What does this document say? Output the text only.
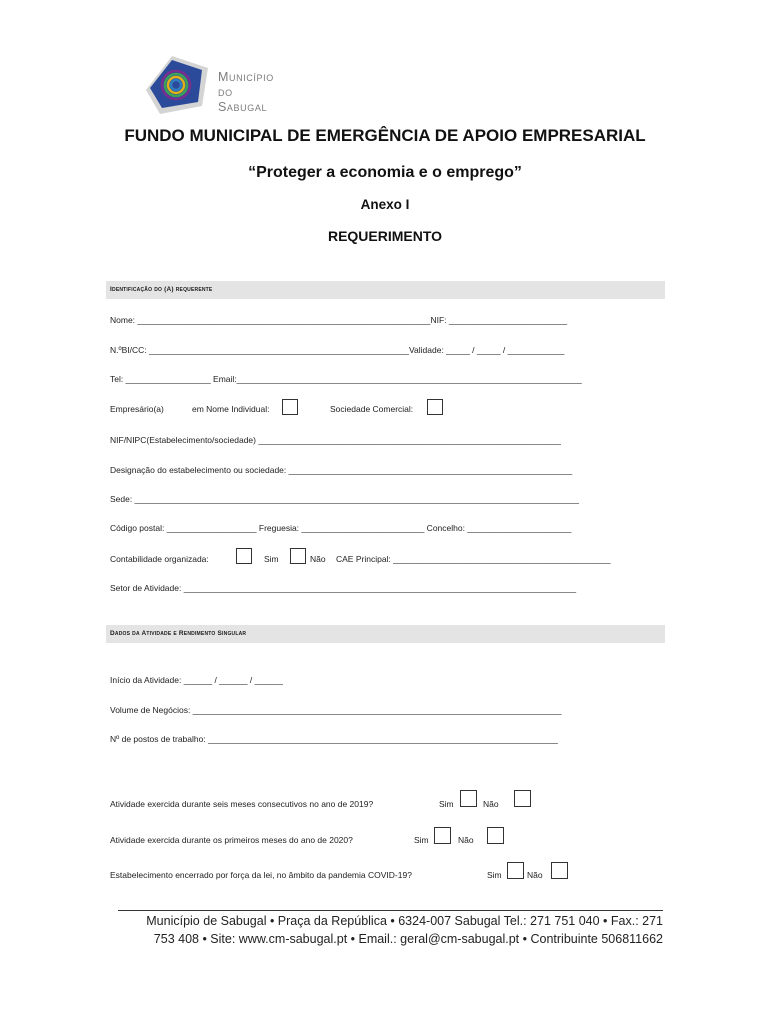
Município
do
Sabugal
FUNDO MUNICIPAL DE EMERGÊNCIA DE APOIO EMPRESARIAL
“Proteger a economia e o emprego”
Anexo I
REQUERIMENTO
Identificação do (A) requerente
Nome: ______________________________________________________________NIF: _________________________
N.ºBI/CC: _______________________________________________________Validade: _____ / _____ / ____________
Tel: __________________ Email:_________________________________________________________________________
Empresário(a)	em Nome Individual:	Sociedade Comercial:
NIF/NIPC(Estabelecimento/sociedade) ________________________________________________________________
Designação do estabelecimento ou sociedade: ____________________________________________________________
Sede: ______________________________________________________________________________________________
Código postal: ___________________ Freguesia: __________________________ Concelho: ______________________
Contabilidade organizada:	Sim	Não CAE Principal: ______________________________________________
Setor de Atividade: ___________________________________________________________________________________
Dados da Atividade e Rendimento Singular
Início da Atividade: ______ / ______ / ______
Volume de Negócios: ______________________________________________________________________________
Nº de postos de trabalho: __________________________________________________________________________
Atividade exercida durante seis meses consecutivos no ano de 2019?	Sim	Não
Atividade exercida durante os primeiros meses do ano de 2020?	Sim	Não
Estabelecimento encerrado por força da lei, no âmbito da pandemia COVID-19?	Sim	Não
Município de Sabugal • Praça da República • 6324-007 Sabugal Tel.: 271 751 040 • Fax.: 271
753 408 • Site: www.cm-sabugal.pt • Email.: geral@cm-sabugal.pt • Contribuinte 506811662
